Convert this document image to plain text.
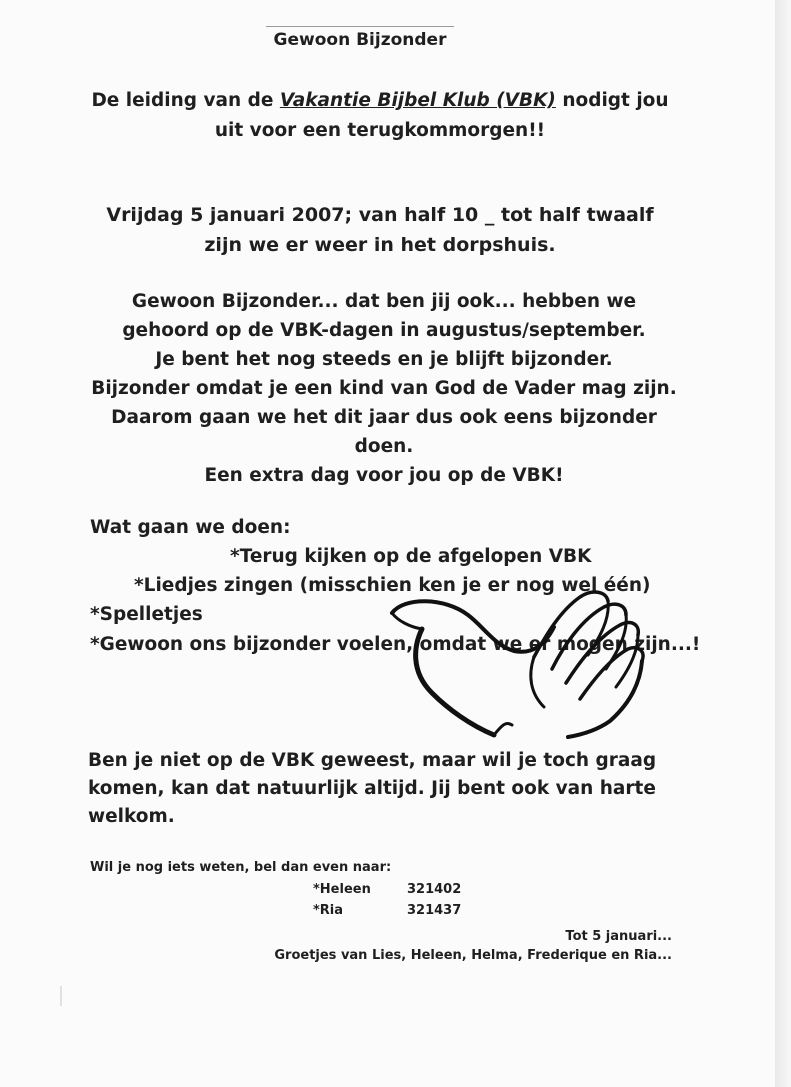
Gewoon Bijzonder
De leiding van de Vakantie Bijbel Klub (VBK) nodigt jou
uit voor een terugkommorgen!!
Vrijdag 5 januari 2007; van half 10 _ tot half twaalf
zijn we er weer in het dorpshuis.
Gewoon Bijzonder... dat ben jij ook... hebben we
gehoord op de VBK-dagen in augustus/september.
Je bent het nog steeds en je blijft bijzonder.
Bijzonder omdat je een kind van God de Vader mag zijn.
Daarom gaan we het dit jaar dus ook eens bijzonder
doen.
Een extra dag voor jou op de VBK!
Wat gaan we doen:
*Terug kijken op de afgelopen VBK
*Liedjes zingen (misschien ken je er nog wel één)
*Spelletjes
*Gewoon ons bijzonder voelen, omdat we er mogen zijn...!
Ben je niet op de VBK geweest, maar wil je toch graag
komen, kan dat natuurlijk altijd. Jij bent ook van harte
welkom.
Wil je nog iets weten, bel dan even naar:
*Heleen	321402
*Ria	321437
Tot 5 januari...
Groetjes van Lies, Heleen, Helma, Frederique en Ria...
